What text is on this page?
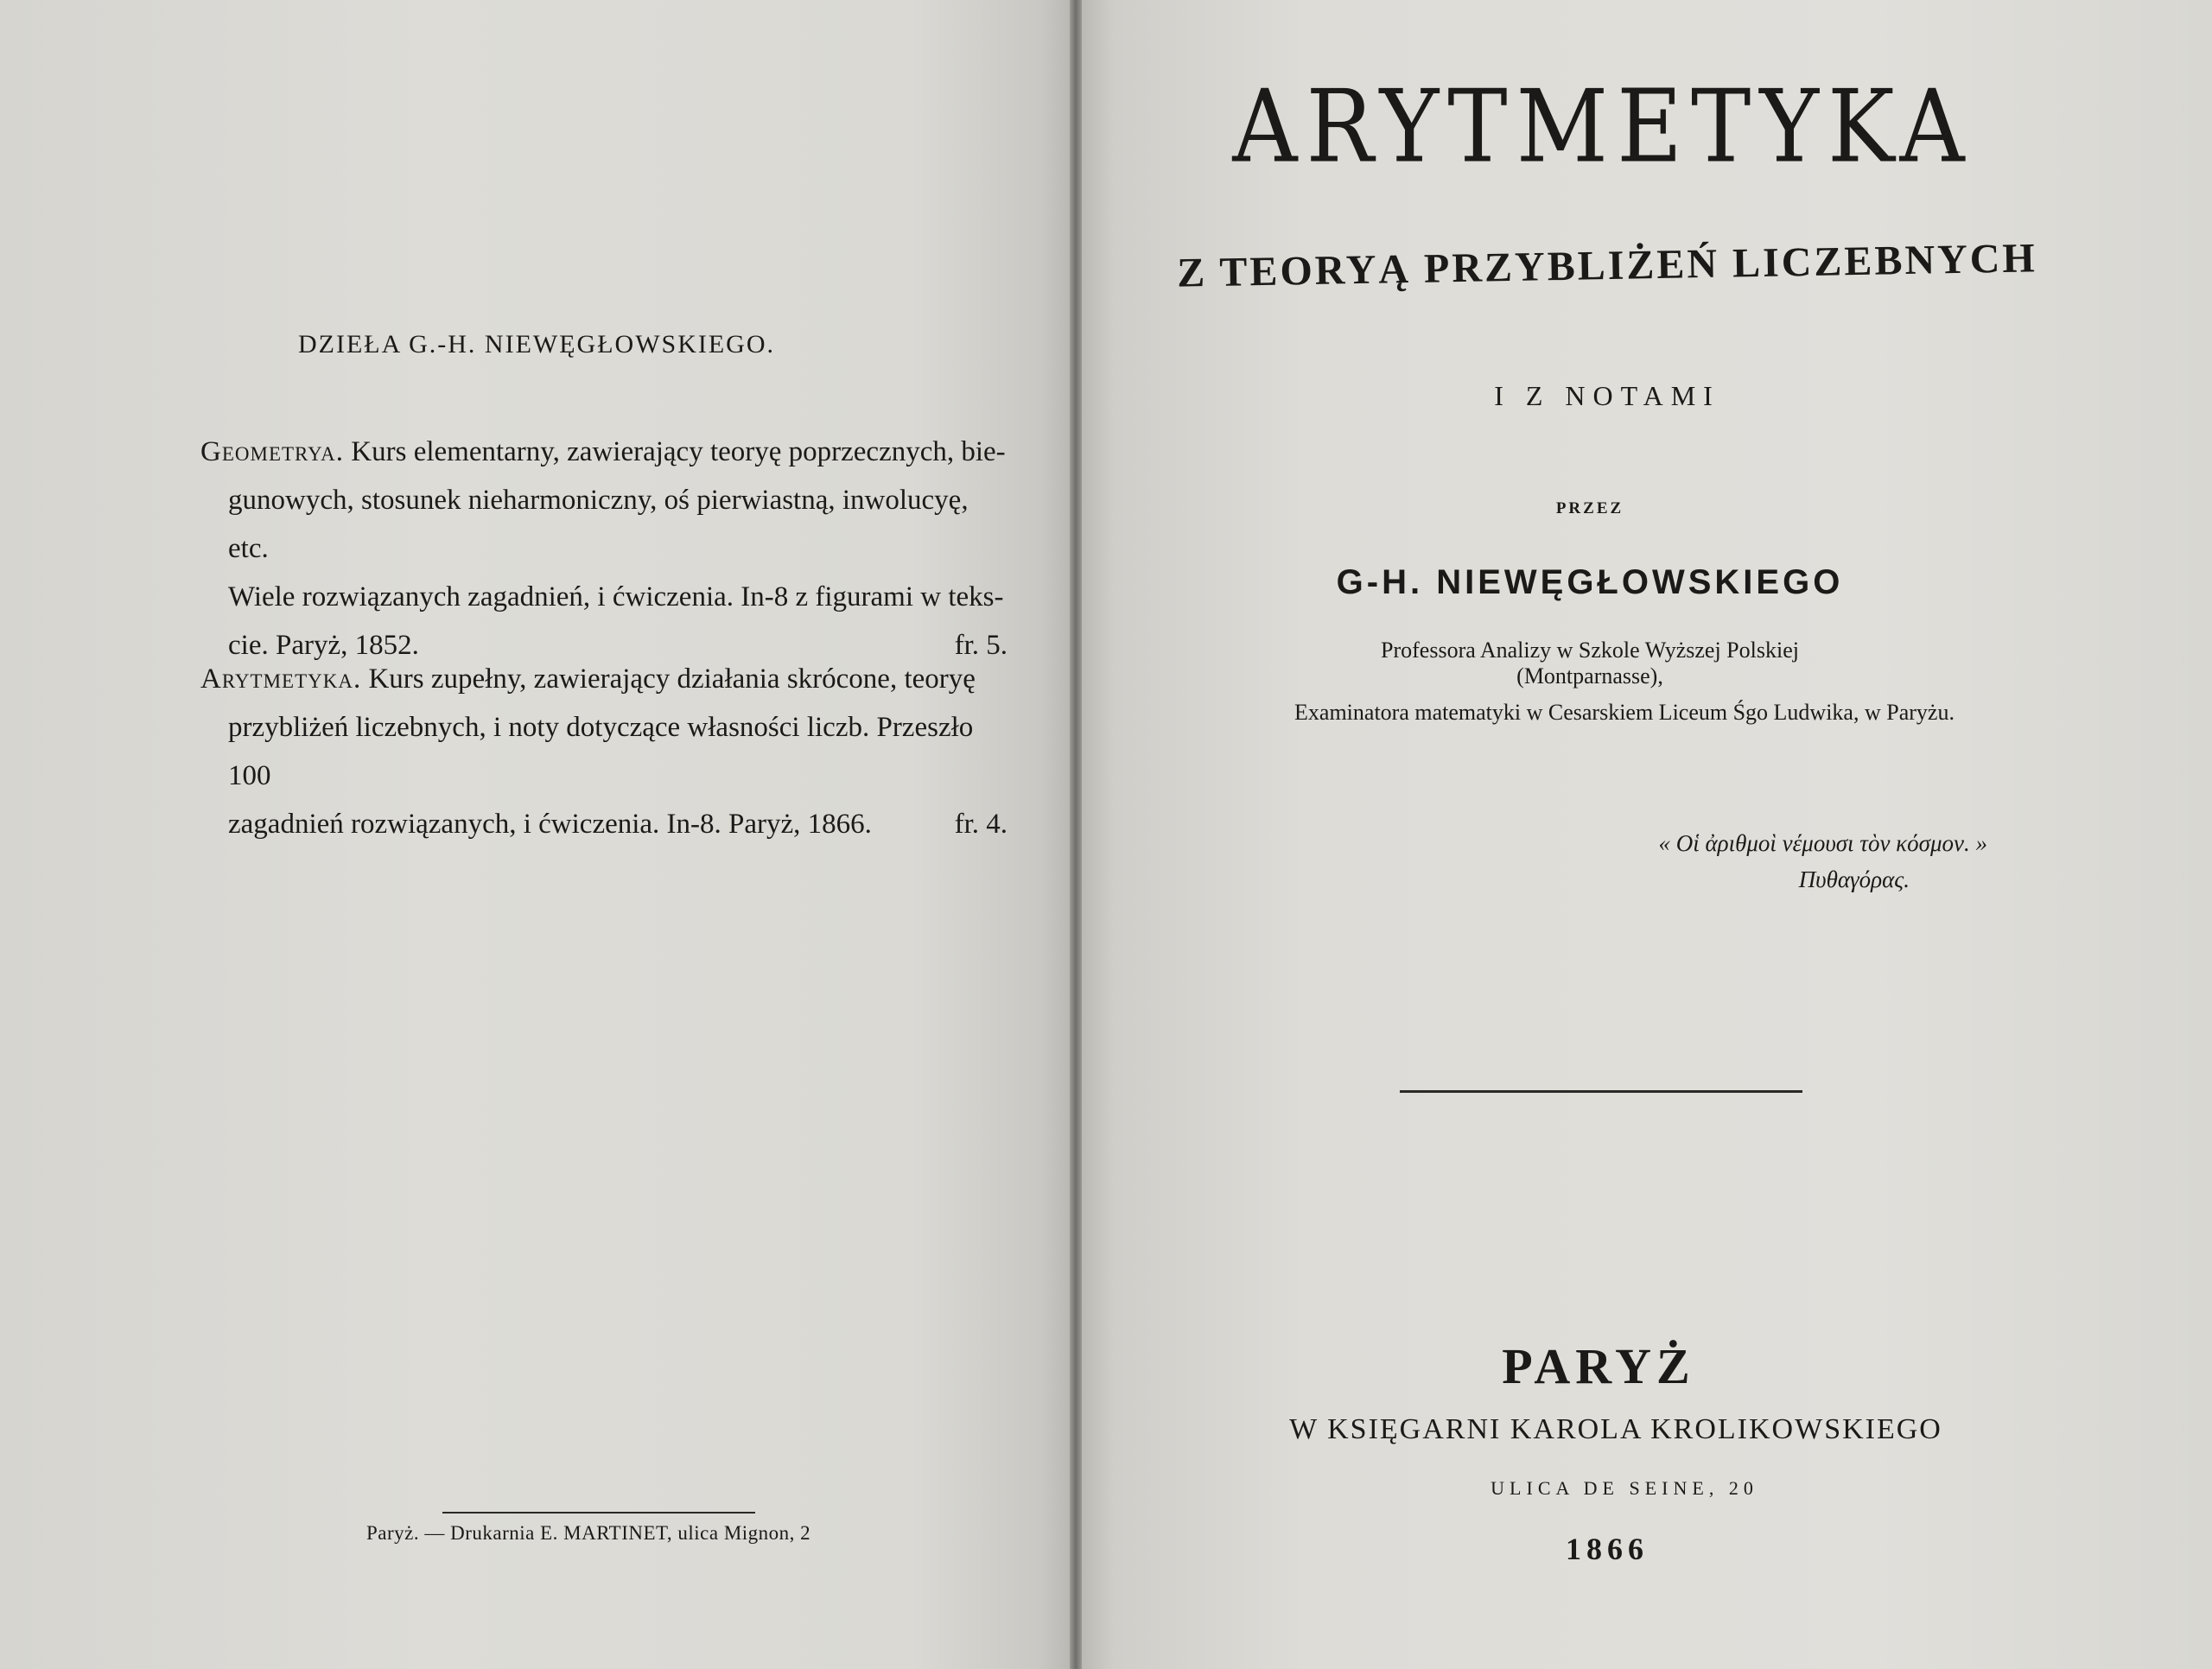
DZIEŁA G.-H. NIEWĘGŁOWSKIEGO.
Geometrya. Kurs elementarny, zawierający teoryę poprzecznych, bie-
gunowych, stosunek nieharmoniczny, oś pierwiastną, inwolucyę, etc.
Wiele rozwiązanych zagadnień, i ćwiczenia. In-8 z figurami w teks-
cie. Paryż, 1852.	fr. 5.
Arytmetyka. Kurs zupełny, zawierający działania skrócone, teoryę
przybliżeń liczebnych, i noty dotyczące własności liczb. Przeszło 100
zagadnień rozwiązanych, i ćwiczenia. In-8. Paryż, 1866.	fr. 4.
Paryż. — Drukarnia E. MARTINET, ulica Mignon, 2
ARYTMETYKA
Z TEORYĄ PRZYBLIŻEŃ LICZEBNYCH
I Z NOTAMI
PRZEZ
G-H. NIEWĘGŁOWSKIEGO
Professora Analizy w Szkole Wyższej Polskiej
(Montparnasse),
Examinatora matematyki w Cesarskiem Liceum Śgo Ludwika, w Paryżu.
« Οἱ ἀριθμοὶ νέμουσι τὸν κόσμον. »
Πυθαγόρας.
PARYŻ
W KSIĘGARNI KAROLA KROLIKOWSKIEGO
ULICA DE SEINE, 20
1866
